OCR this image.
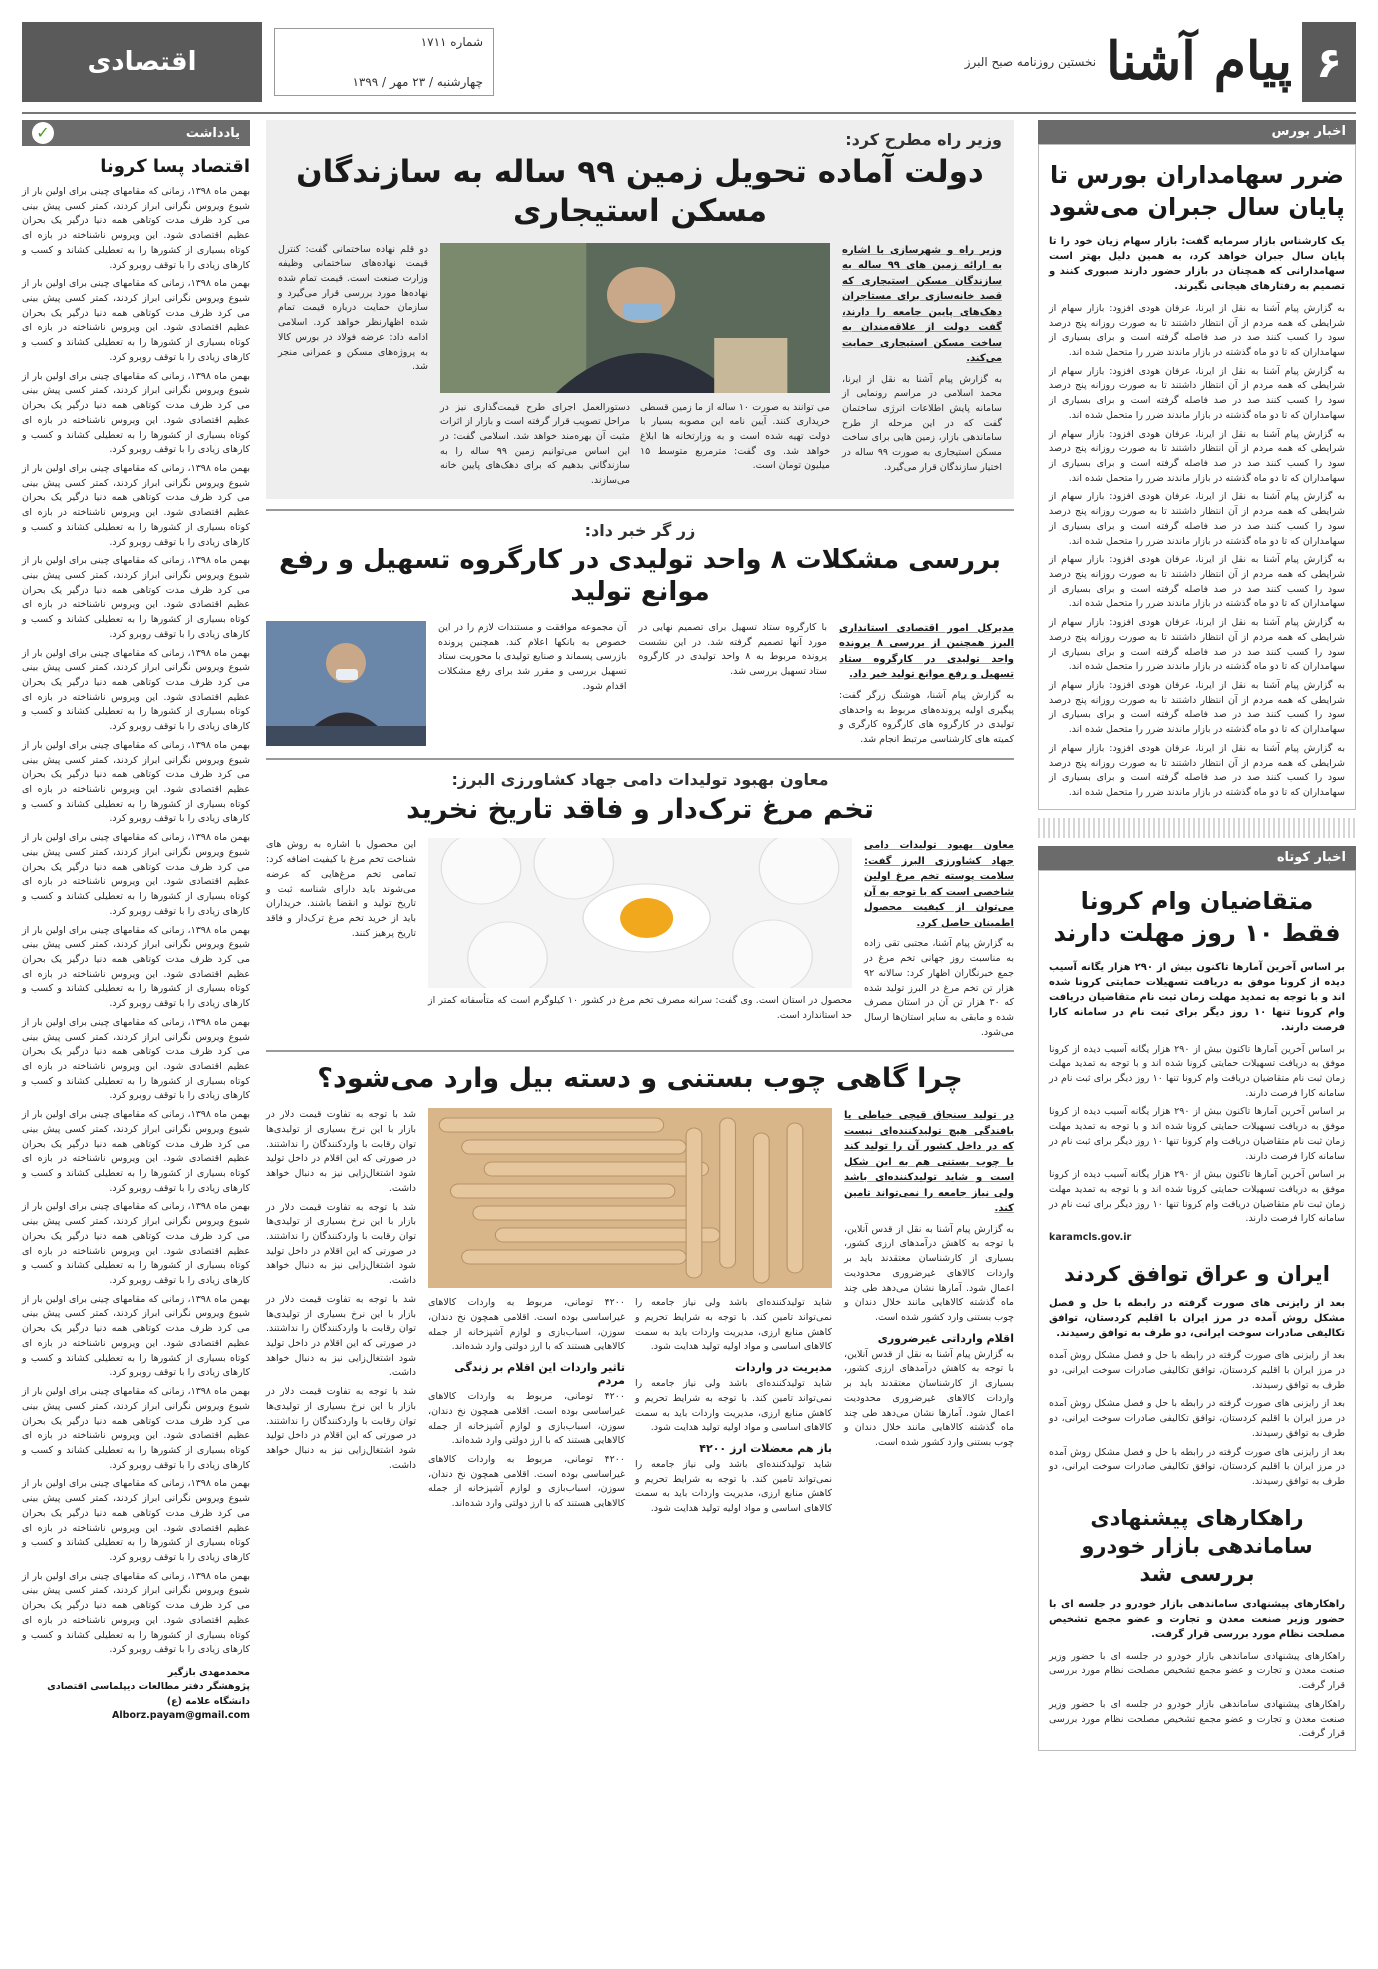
۶
پیام آشنا
نخستین روزنامه صبح البرز
شماره ۱۷۱۱
چهارشنبه / ۲۳ مهر / ۱۳۹۹
اقتصادی
اخبار بورس
ضرر سهامداران بورس تا پایان سال جبران می‌شود
یک کارشناس بازار سرمایه گفت: بازار سهام زیان خود را تا پایان سال جبران خواهد کرد، به همین دلیل بهتر است سهامدارانی که همچنان در بازار حضور دارند صبوری کنند و تصمیم به رفتارهای هیجانی نگیرند.
به گزارش پیام آشنا به نقل از ایرنا، عرفان هودی افزود: بازار سهام از شرایطی که همه مردم از آن انتظار داشتند تا به صورت روزانه پنج درصد سود را کسب کنند صد در صد فاصله گرفته است و برای بسیاری از سهامداران که تا دو ماه گذشته در بازار ماندند ضرر را متحمل شده اند.
به گزارش پیام آشنا به نقل از ایرنا، عرفان هودی افزود: بازار سهام از شرایطی که همه مردم از آن انتظار داشتند تا به صورت روزانه پنج درصد سود را کسب کنند صد در صد فاصله گرفته است و برای بسیاری از سهامداران که تا دو ماه گذشته در بازار ماندند ضرر را متحمل شده اند.
به گزارش پیام آشنا به نقل از ایرنا، عرفان هودی افزود: بازار سهام از شرایطی که همه مردم از آن انتظار داشتند تا به صورت روزانه پنج درصد سود را کسب کنند صد در صد فاصله گرفته است و برای بسیاری از سهامداران که تا دو ماه گذشته در بازار ماندند ضرر را متحمل شده اند.
به گزارش پیام آشنا به نقل از ایرنا، عرفان هودی افزود: بازار سهام از شرایطی که همه مردم از آن انتظار داشتند تا به صورت روزانه پنج درصد سود را کسب کنند صد در صد فاصله گرفته است و برای بسیاری از سهامداران که تا دو ماه گذشته در بازار ماندند ضرر را متحمل شده اند.
به گزارش پیام آشنا به نقل از ایرنا، عرفان هودی افزود: بازار سهام از شرایطی که همه مردم از آن انتظار داشتند تا به صورت روزانه پنج درصد سود را کسب کنند صد در صد فاصله گرفته است و برای بسیاری از سهامداران که تا دو ماه گذشته در بازار ماندند ضرر را متحمل شده اند.
به گزارش پیام آشنا به نقل از ایرنا، عرفان هودی افزود: بازار سهام از شرایطی که همه مردم از آن انتظار داشتند تا به صورت روزانه پنج درصد سود را کسب کنند صد در صد فاصله گرفته است و برای بسیاری از سهامداران که تا دو ماه گذشته در بازار ماندند ضرر را متحمل شده اند.
به گزارش پیام آشنا به نقل از ایرنا، عرفان هودی افزود: بازار سهام از شرایطی که همه مردم از آن انتظار داشتند تا به صورت روزانه پنج درصد سود را کسب کنند صد در صد فاصله گرفته است و برای بسیاری از سهامداران که تا دو ماه گذشته در بازار ماندند ضرر را متحمل شده اند.
به گزارش پیام آشنا به نقل از ایرنا، عرفان هودی افزود: بازار سهام از شرایطی که همه مردم از آن انتظار داشتند تا به صورت روزانه پنج درصد سود را کسب کنند صد در صد فاصله گرفته است و برای بسیاری از سهامداران که تا دو ماه گذشته در بازار ماندند ضرر را متحمل شده اند.
اخبار کوتاه
متقاضیان وام کرونا فقط ۱۰ روز مهلت دارند
بر اساس آخرین آمارها تاکنون بیش از ۲۹۰ هزار یگانه آسیب دیده از کرونا موفق به دریافت تسهیلات حمایتی کرونا شده اند و با توجه به تمدید مهلت زمان ثبت نام متقاضیان دریافت وام کرونا تنها ۱۰ روز دیگر برای ثبت نام در سامانه کارا فرصت دارند.
بر اساس آخرین آمارها تاکنون بیش از ۲۹۰ هزار یگانه آسیب دیده از کرونا موفق به دریافت تسهیلات حمایتی کرونا شده اند و با توجه به تمدید مهلت زمان ثبت نام متقاضیان دریافت وام کرونا تنها ۱۰ روز دیگر برای ثبت نام در سامانه کارا فرصت دارند.
بر اساس آخرین آمارها تاکنون بیش از ۲۹۰ هزار یگانه آسیب دیده از کرونا موفق به دریافت تسهیلات حمایتی کرونا شده اند و با توجه به تمدید مهلت زمان ثبت نام متقاضیان دریافت وام کرونا تنها ۱۰ روز دیگر برای ثبت نام در سامانه کارا فرصت دارند.
بر اساس آخرین آمارها تاکنون بیش از ۲۹۰ هزار یگانه آسیب دیده از کرونا موفق به دریافت تسهیلات حمایتی کرونا شده اند و با توجه به تمدید مهلت زمان ثبت نام متقاضیان دریافت وام کرونا تنها ۱۰ روز دیگر برای ثبت نام در سامانه کارا فرصت دارند.
karamcls.gov.ir
ایران و عراق توافق کردند
بعد از رایزنی های صورت گرفته در رابطه با حل و فصل مشکل روش آمده در مرز ایران با اقلیم کردستان، توافق تکالیفی صادرات سوخت ایرانی، دو طرف به توافق رسیدند.
بعد از رایزنی های صورت گرفته در رابطه با حل و فصل مشکل روش آمده در مرز ایران با اقلیم کردستان، توافق تکالیفی صادرات سوخت ایرانی، دو طرف به توافق رسیدند.
بعد از رایزنی های صورت گرفته در رابطه با حل و فصل مشکل روش آمده در مرز ایران با اقلیم کردستان، توافق تکالیفی صادرات سوخت ایرانی، دو طرف به توافق رسیدند.
بعد از رایزنی های صورت گرفته در رابطه با حل و فصل مشکل روش آمده در مرز ایران با اقلیم کردستان، توافق تکالیفی صادرات سوخت ایرانی، دو طرف به توافق رسیدند.
راهکارهای پیشنهادی ساماندهی بازار خودرو بررسی شد
راهکارهای پیشنهادی ساماندهی بازار خودرو در جلسه ای با حضور وزیر صنعت معدن و تجارت و عضو مجمع تشخیص مصلحت نظام مورد بررسی قرار گرفت.
راهکارهای پیشنهادی ساماندهی بازار خودرو در جلسه ای با حضور وزیر صنعت معدن و تجارت و عضو مجمع تشخیص مصلحت نظام مورد بررسی قرار گرفت.
راهکارهای پیشنهادی ساماندهی بازار خودرو در جلسه ای با حضور وزیر صنعت معدن و تجارت و عضو مجمع تشخیص مصلحت نظام مورد بررسی قرار گرفت.
یادداشت
✓
اقتصاد پسا کرونا
بهمن ماه ۱۳۹۸، زمانی که مقامهای چینی برای اولین بار از شیوع ویروس نگرانی ابراز کردند، کمتر کسی پیش بینی می کرد ظرف مدت کوتاهی همه دنیا درگیر یک بحران عظیم اقتصادی شود. این ویروس ناشناخته در بازه ای کوتاه بسیاری از کشورها را به تعطیلی کشاند و کسب و کارهای زیادی را با توقف روبرو کرد.
بهمن ماه ۱۳۹۸، زمانی که مقامهای چینی برای اولین بار از شیوع ویروس نگرانی ابراز کردند، کمتر کسی پیش بینی می کرد ظرف مدت کوتاهی همه دنیا درگیر یک بحران عظیم اقتصادی شود. این ویروس ناشناخته در بازه ای کوتاه بسیاری از کشورها را به تعطیلی کشاند و کسب و کارهای زیادی را با توقف روبرو کرد.
بهمن ماه ۱۳۹۸، زمانی که مقامهای چینی برای اولین بار از شیوع ویروس نگرانی ابراز کردند، کمتر کسی پیش بینی می کرد ظرف مدت کوتاهی همه دنیا درگیر یک بحران عظیم اقتصادی شود. این ویروس ناشناخته در بازه ای کوتاه بسیاری از کشورها را به تعطیلی کشاند و کسب و کارهای زیادی را با توقف روبرو کرد.
بهمن ماه ۱۳۹۸، زمانی که مقامهای چینی برای اولین بار از شیوع ویروس نگرانی ابراز کردند، کمتر کسی پیش بینی می کرد ظرف مدت کوتاهی همه دنیا درگیر یک بحران عظیم اقتصادی شود. این ویروس ناشناخته در بازه ای کوتاه بسیاری از کشورها را به تعطیلی کشاند و کسب و کارهای زیادی را با توقف روبرو کرد.
بهمن ماه ۱۳۹۸، زمانی که مقامهای چینی برای اولین بار از شیوع ویروس نگرانی ابراز کردند، کمتر کسی پیش بینی می کرد ظرف مدت کوتاهی همه دنیا درگیر یک بحران عظیم اقتصادی شود. این ویروس ناشناخته در بازه ای کوتاه بسیاری از کشورها را به تعطیلی کشاند و کسب و کارهای زیادی را با توقف روبرو کرد.
بهمن ماه ۱۳۹۸، زمانی که مقامهای چینی برای اولین بار از شیوع ویروس نگرانی ابراز کردند، کمتر کسی پیش بینی می کرد ظرف مدت کوتاهی همه دنیا درگیر یک بحران عظیم اقتصادی شود. این ویروس ناشناخته در بازه ای کوتاه بسیاری از کشورها را به تعطیلی کشاند و کسب و کارهای زیادی را با توقف روبرو کرد.
بهمن ماه ۱۳۹۸، زمانی که مقامهای چینی برای اولین بار از شیوع ویروس نگرانی ابراز کردند، کمتر کسی پیش بینی می کرد ظرف مدت کوتاهی همه دنیا درگیر یک بحران عظیم اقتصادی شود. این ویروس ناشناخته در بازه ای کوتاه بسیاری از کشورها را به تعطیلی کشاند و کسب و کارهای زیادی را با توقف روبرو کرد.
بهمن ماه ۱۳۹۸، زمانی که مقامهای چینی برای اولین بار از شیوع ویروس نگرانی ابراز کردند، کمتر کسی پیش بینی می کرد ظرف مدت کوتاهی همه دنیا درگیر یک بحران عظیم اقتصادی شود. این ویروس ناشناخته در بازه ای کوتاه بسیاری از کشورها را به تعطیلی کشاند و کسب و کارهای زیادی را با توقف روبرو کرد.
بهمن ماه ۱۳۹۸، زمانی که مقامهای چینی برای اولین بار از شیوع ویروس نگرانی ابراز کردند، کمتر کسی پیش بینی می کرد ظرف مدت کوتاهی همه دنیا درگیر یک بحران عظیم اقتصادی شود. این ویروس ناشناخته در بازه ای کوتاه بسیاری از کشورها را به تعطیلی کشاند و کسب و کارهای زیادی را با توقف روبرو کرد.
بهمن ماه ۱۳۹۸، زمانی که مقامهای چینی برای اولین بار از شیوع ویروس نگرانی ابراز کردند، کمتر کسی پیش بینی می کرد ظرف مدت کوتاهی همه دنیا درگیر یک بحران عظیم اقتصادی شود. این ویروس ناشناخته در بازه ای کوتاه بسیاری از کشورها را به تعطیلی کشاند و کسب و کارهای زیادی را با توقف روبرو کرد.
بهمن ماه ۱۳۹۸، زمانی که مقامهای چینی برای اولین بار از شیوع ویروس نگرانی ابراز کردند، کمتر کسی پیش بینی می کرد ظرف مدت کوتاهی همه دنیا درگیر یک بحران عظیم اقتصادی شود. این ویروس ناشناخته در بازه ای کوتاه بسیاری از کشورها را به تعطیلی کشاند و کسب و کارهای زیادی را با توقف روبرو کرد.
بهمن ماه ۱۳۹۸، زمانی که مقامهای چینی برای اولین بار از شیوع ویروس نگرانی ابراز کردند، کمتر کسی پیش بینی می کرد ظرف مدت کوتاهی همه دنیا درگیر یک بحران عظیم اقتصادی شود. این ویروس ناشناخته در بازه ای کوتاه بسیاری از کشورها را به تعطیلی کشاند و کسب و کارهای زیادی را با توقف روبرو کرد.
بهمن ماه ۱۳۹۸، زمانی که مقامهای چینی برای اولین بار از شیوع ویروس نگرانی ابراز کردند، کمتر کسی پیش بینی می کرد ظرف مدت کوتاهی همه دنیا درگیر یک بحران عظیم اقتصادی شود. این ویروس ناشناخته در بازه ای کوتاه بسیاری از کشورها را به تعطیلی کشاند و کسب و کارهای زیادی را با توقف روبرو کرد.
بهمن ماه ۱۳۹۸، زمانی که مقامهای چینی برای اولین بار از شیوع ویروس نگرانی ابراز کردند، کمتر کسی پیش بینی می کرد ظرف مدت کوتاهی همه دنیا درگیر یک بحران عظیم اقتصادی شود. این ویروس ناشناخته در بازه ای کوتاه بسیاری از کشورها را به تعطیلی کشاند و کسب و کارهای زیادی را با توقف روبرو کرد.
بهمن ماه ۱۳۹۸، زمانی که مقامهای چینی برای اولین بار از شیوع ویروس نگرانی ابراز کردند، کمتر کسی پیش بینی می کرد ظرف مدت کوتاهی همه دنیا درگیر یک بحران عظیم اقتصادی شود. این ویروس ناشناخته در بازه ای کوتاه بسیاری از کشورها را به تعطیلی کشاند و کسب و کارهای زیادی را با توقف روبرو کرد.
بهمن ماه ۱۳۹۸، زمانی که مقامهای چینی برای اولین بار از شیوع ویروس نگرانی ابراز کردند، کمتر کسی پیش بینی می کرد ظرف مدت کوتاهی همه دنیا درگیر یک بحران عظیم اقتصادی شود. این ویروس ناشناخته در بازه ای کوتاه بسیاری از کشورها را به تعطیلی کشاند و کسب و کارهای زیادی را با توقف روبرو کرد.
محمدمهدی بازگیر
پژوهشگر دفتر مطالعات دیپلماسی اقتصادی دانشگاه علامه (ع)
Alborz.payam@gmail.com
وزیر راه مطرح کرد:
دولت آماده تحویل زمین ۹۹ ساله به سازندگان مسکن استیجاری
وزیر راه و شهرسازی با اشاره به ارائه زمین های ۹۹ ساله به سازندگان مسکن استیجاری که قصد خانه‌سازی برای مستاجران دهک‌های پایین جامعه را دارند، گفت دولت از علاقه‌مندان به ساخت مسکن استیجاری حمایت می‌کند.
به گزارش پیام آشنا به نقل از ایرنا، محمد اسلامی در مراسم رونمایی از سامانه پایش اطلاعات انرژی ساختمان گفت که در این مرحله از طرح ساماندهی بازار، زمین هایی برای ساخت مسکن استیجاری به صورت ۹۹ ساله در اختیار سازندگان قرار می‌گیرد.
می توانند به صورت ۱۰ ساله از ما زمین قسطی خریداری کنند. آیین نامه این مصوبه بسیار با دولت تهیه شده است و به وزارتخانه ها ابلاغ خواهد شد. وی گفت: مترمربع متوسط ۱۵ میلیون تومان است.
دستورالعمل اجرای طرح قیمت‌گذاری نیز در مراحل تصویب قرار گرفته است و بازار از اثرات مثبت آن بهره‌مند خواهد شد. اسلامی گفت: در این اساس می‌توانیم زمین ۹۹ ساله را به سازندگانی بدهیم که برای دهک‌های پایین خانه می‌سازند.
دو قلم نهاده ساختمانی گفت: کنترل قیمت نهاده‌های ساختمانی وظیفه وزارت صنعت است. قیمت تمام شده نهاده‌ها مورد بررسی قرار می‌گیرد و سازمان حمایت درباره قیمت تمام شده اظهارنظر خواهد کرد. اسلامی ادامه داد: عرضه فولاد در بورس کالا به پروژه‌های مسکن و عمرانی منجر شد.
زر گر خبر داد:
بررسی مشکلات ۸ واحد تولیدی در کارگروه تسهیل و رفع موانع تولید
مدیرکل امور اقتصادی استانداری البرز همچنین از بررسی ۸ پرونده واحد تولیدی در کارگروه ستاد تسهیل و رفع موانع تولید خبر داد.
به گزارش پیام آشنا، هوشنگ زرگر گفت: پیگیری اولیه پرونده‌های مربوط به واحدهای تولیدی در کارگروه های کارگروه کارگری و کمیته های کارشناسی مرتبط انجام شد.
با کارگروه ستاد تسهیل برای تصمیم نهایی در مورد آنها تصمیم گرفته شد. در این نشست پرونده مربوط به ۸ واحد تولیدی در کارگروه ستاد تسهیل بررسی شد.
آن مجموعه موافقت و مستندات لازم را در این خصوص به بانکها اعلام کند. همچنین پرونده بازرسی پسماند و صنایع تولیدی با محوریت ستاد تسهیل بررسی و مقرر شد برای رفع مشکلات اقدام شود.
معاون بهبود تولیدات دامی جهاد کشاورزی البرز:
تخم مرغ ترک‌دار و فاقد تاریخ نخرید
معاون بهبود تولیدات دامی جهاد کشاورزی البرز گفت: سلامت پوسته تخم مرغ اولین شاخصی است که با توجه به آن می‌توان از کیفیت محصول اطمینان حاصل کرد.
به گزارش پیام آشنا، مجتبی تقی زاده به مناسبت روز جهانی تخم مرغ در جمع خبرنگاران اظهار کرد: سالانه ۹۲ هزار تن تخم مرغ در البرز تولید شده که ۳۰ هزار تن آن در استان مصرف شده و مابقی به سایر استان‌ها ارسال می‌شود.
محصول در استان است. وی گفت: سرانه مصرف تخم مرغ در کشور ۱۰ کیلوگرم است که متأسفانه کمتر از حد استاندارد است.
این محصول با اشاره به روش های شناخت تخم مرغ با کیفیت اضافه کرد: تمامی تخم مرغ‌هایی که عرضه می‌شوند باید دارای شناسه ثبت و تاریخ تولید و انقضا باشند. خریداران باید از خرید تخم مرغ ترک‌دار و فاقد تاریخ پرهیز کنند.
چرا گاهی چوب بستنی و دسته بیل وارد می‌شود؟
در تولید سنجاق قیچی خیاطی یا بافندگی هیچ تولیدکننده‌ای نیست که در داخل کشور آن را تولید کند یا چوب بستنی هم به این شکل است و شاید تولیدکننده‌ای باشد ولی نیاز جامعه را نمی‌تواند تامین کند.
به گزارش پیام آشنا به نقل از قدس آنلاین، با توجه به کاهش درآمدهای ارزی کشور، بسیاری از کارشناسان معتقدند باید بر واردات کالاهای غیرضروری محدودیت اعمال شود. آمارها نشان می‌دهد طی چند ماه گذشته کالاهایی مانند خلال دندان و چوب بستنی وارد کشور شده است.
اقلام وارداتی غیرضروری
به گزارش پیام آشنا به نقل از قدس آنلاین، با توجه به کاهش درآمدهای ارزی کشور، بسیاری از کارشناسان معتقدند باید بر واردات کالاهای غیرضروری محدودیت اعمال شود. آمارها نشان می‌دهد طی چند ماه گذشته کالاهایی مانند خلال دندان و چوب بستنی وارد کشور شده است.
شاید تولیدکننده‌ای باشد ولی نیاز جامعه را نمی‌تواند تامین کند. با توجه به شرایط تحریم و کاهش منابع ارزی، مدیریت واردات باید به سمت کالاهای اساسی و مواد اولیه تولید هدایت شود.
مدیریت در واردات
شاید تولیدکننده‌ای باشد ولی نیاز جامعه را نمی‌تواند تامین کند. با توجه به شرایط تحریم و کاهش منابع ارزی، مدیریت واردات باید به سمت کالاهای اساسی و مواد اولیه تولید هدایت شود.
باز هم معضلات ارز ۴۲۰۰
شاید تولیدکننده‌ای باشد ولی نیاز جامعه را نمی‌تواند تامین کند. با توجه به شرایط تحریم و کاهش منابع ارزی، مدیریت واردات باید به سمت کالاهای اساسی و مواد اولیه تولید هدایت شود.
۴۲۰۰ تومانی، مربوط به واردات کالاهای غیراساسی بوده است. اقلامی همچون نخ دندان، سوزن، اسباب‌بازی و لوازم آشپزخانه از جمله کالاهایی هستند که با ارز دولتی وارد شده‌اند.
تاثیر واردات این اقلام بر زندگی مردم
۴۲۰۰ تومانی، مربوط به واردات کالاهای غیراساسی بوده است. اقلامی همچون نخ دندان، سوزن، اسباب‌بازی و لوازم آشپزخانه از جمله کالاهایی هستند که با ارز دولتی وارد شده‌اند.
۴۲۰۰ تومانی، مربوط به واردات کالاهای غیراساسی بوده است. اقلامی همچون نخ دندان، سوزن، اسباب‌بازی و لوازم آشپزخانه از جمله کالاهایی هستند که با ارز دولتی وارد شده‌اند.
شد با توجه به تفاوت قیمت دلار در بازار با این نرخ بسیاری از تولیدی‌ها توان رقابت با واردکنندگان را نداشتند. در صورتی که این اقلام در داخل تولید شود اشتغال‌زایی نیز به دنبال خواهد داشت.
شد با توجه به تفاوت قیمت دلار در بازار با این نرخ بسیاری از تولیدی‌ها توان رقابت با واردکنندگان را نداشتند. در صورتی که این اقلام در داخل تولید شود اشتغال‌زایی نیز به دنبال خواهد داشت.
شد با توجه به تفاوت قیمت دلار در بازار با این نرخ بسیاری از تولیدی‌ها توان رقابت با واردکنندگان را نداشتند. در صورتی که این اقلام در داخل تولید شود اشتغال‌زایی نیز به دنبال خواهد داشت.
شد با توجه به تفاوت قیمت دلار در بازار با این نرخ بسیاری از تولیدی‌ها توان رقابت با واردکنندگان را نداشتند. در صورتی که این اقلام در داخل تولید شود اشتغال‌زایی نیز به دنبال خواهد داشت.
